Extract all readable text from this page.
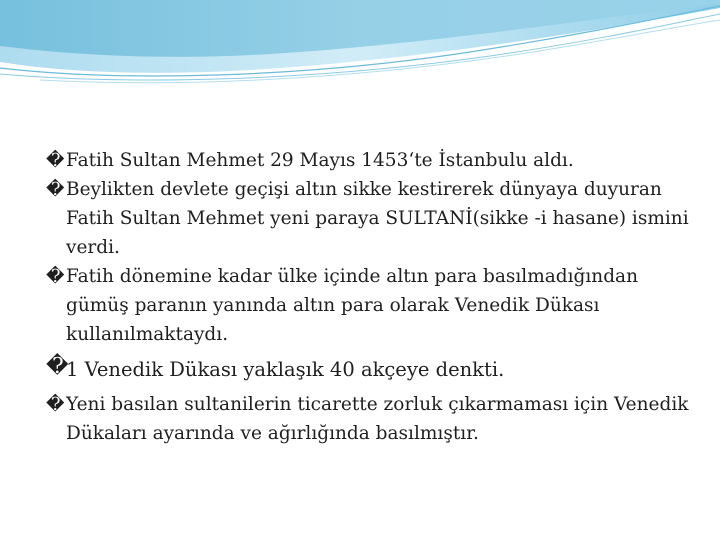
� Fatih Sultan Mehmet 29 Mayıs 1453‘te İstanbulu aldı.

� Beylikten devlete geçişi altın sikke kestirerek dünyaya duyuran Fatih Sultan Mehmet yeni paraya SULTANİ(sikke -i hasane) ismini verdi.

� Fatih dönemine kadar ülke içinde altın para basılmadığından gümüş paranın yanında altın para olarak Venedik Dükası kullanılmaktaydı.

�
1 Venedik Dükası yaklaşık 40 akçeye denkti.

� Yeni basılan sultanilerin ticarette zorluk çıkarmaması için Venedik Dükaları ayarında ve ağırlığında basılmıştır.
